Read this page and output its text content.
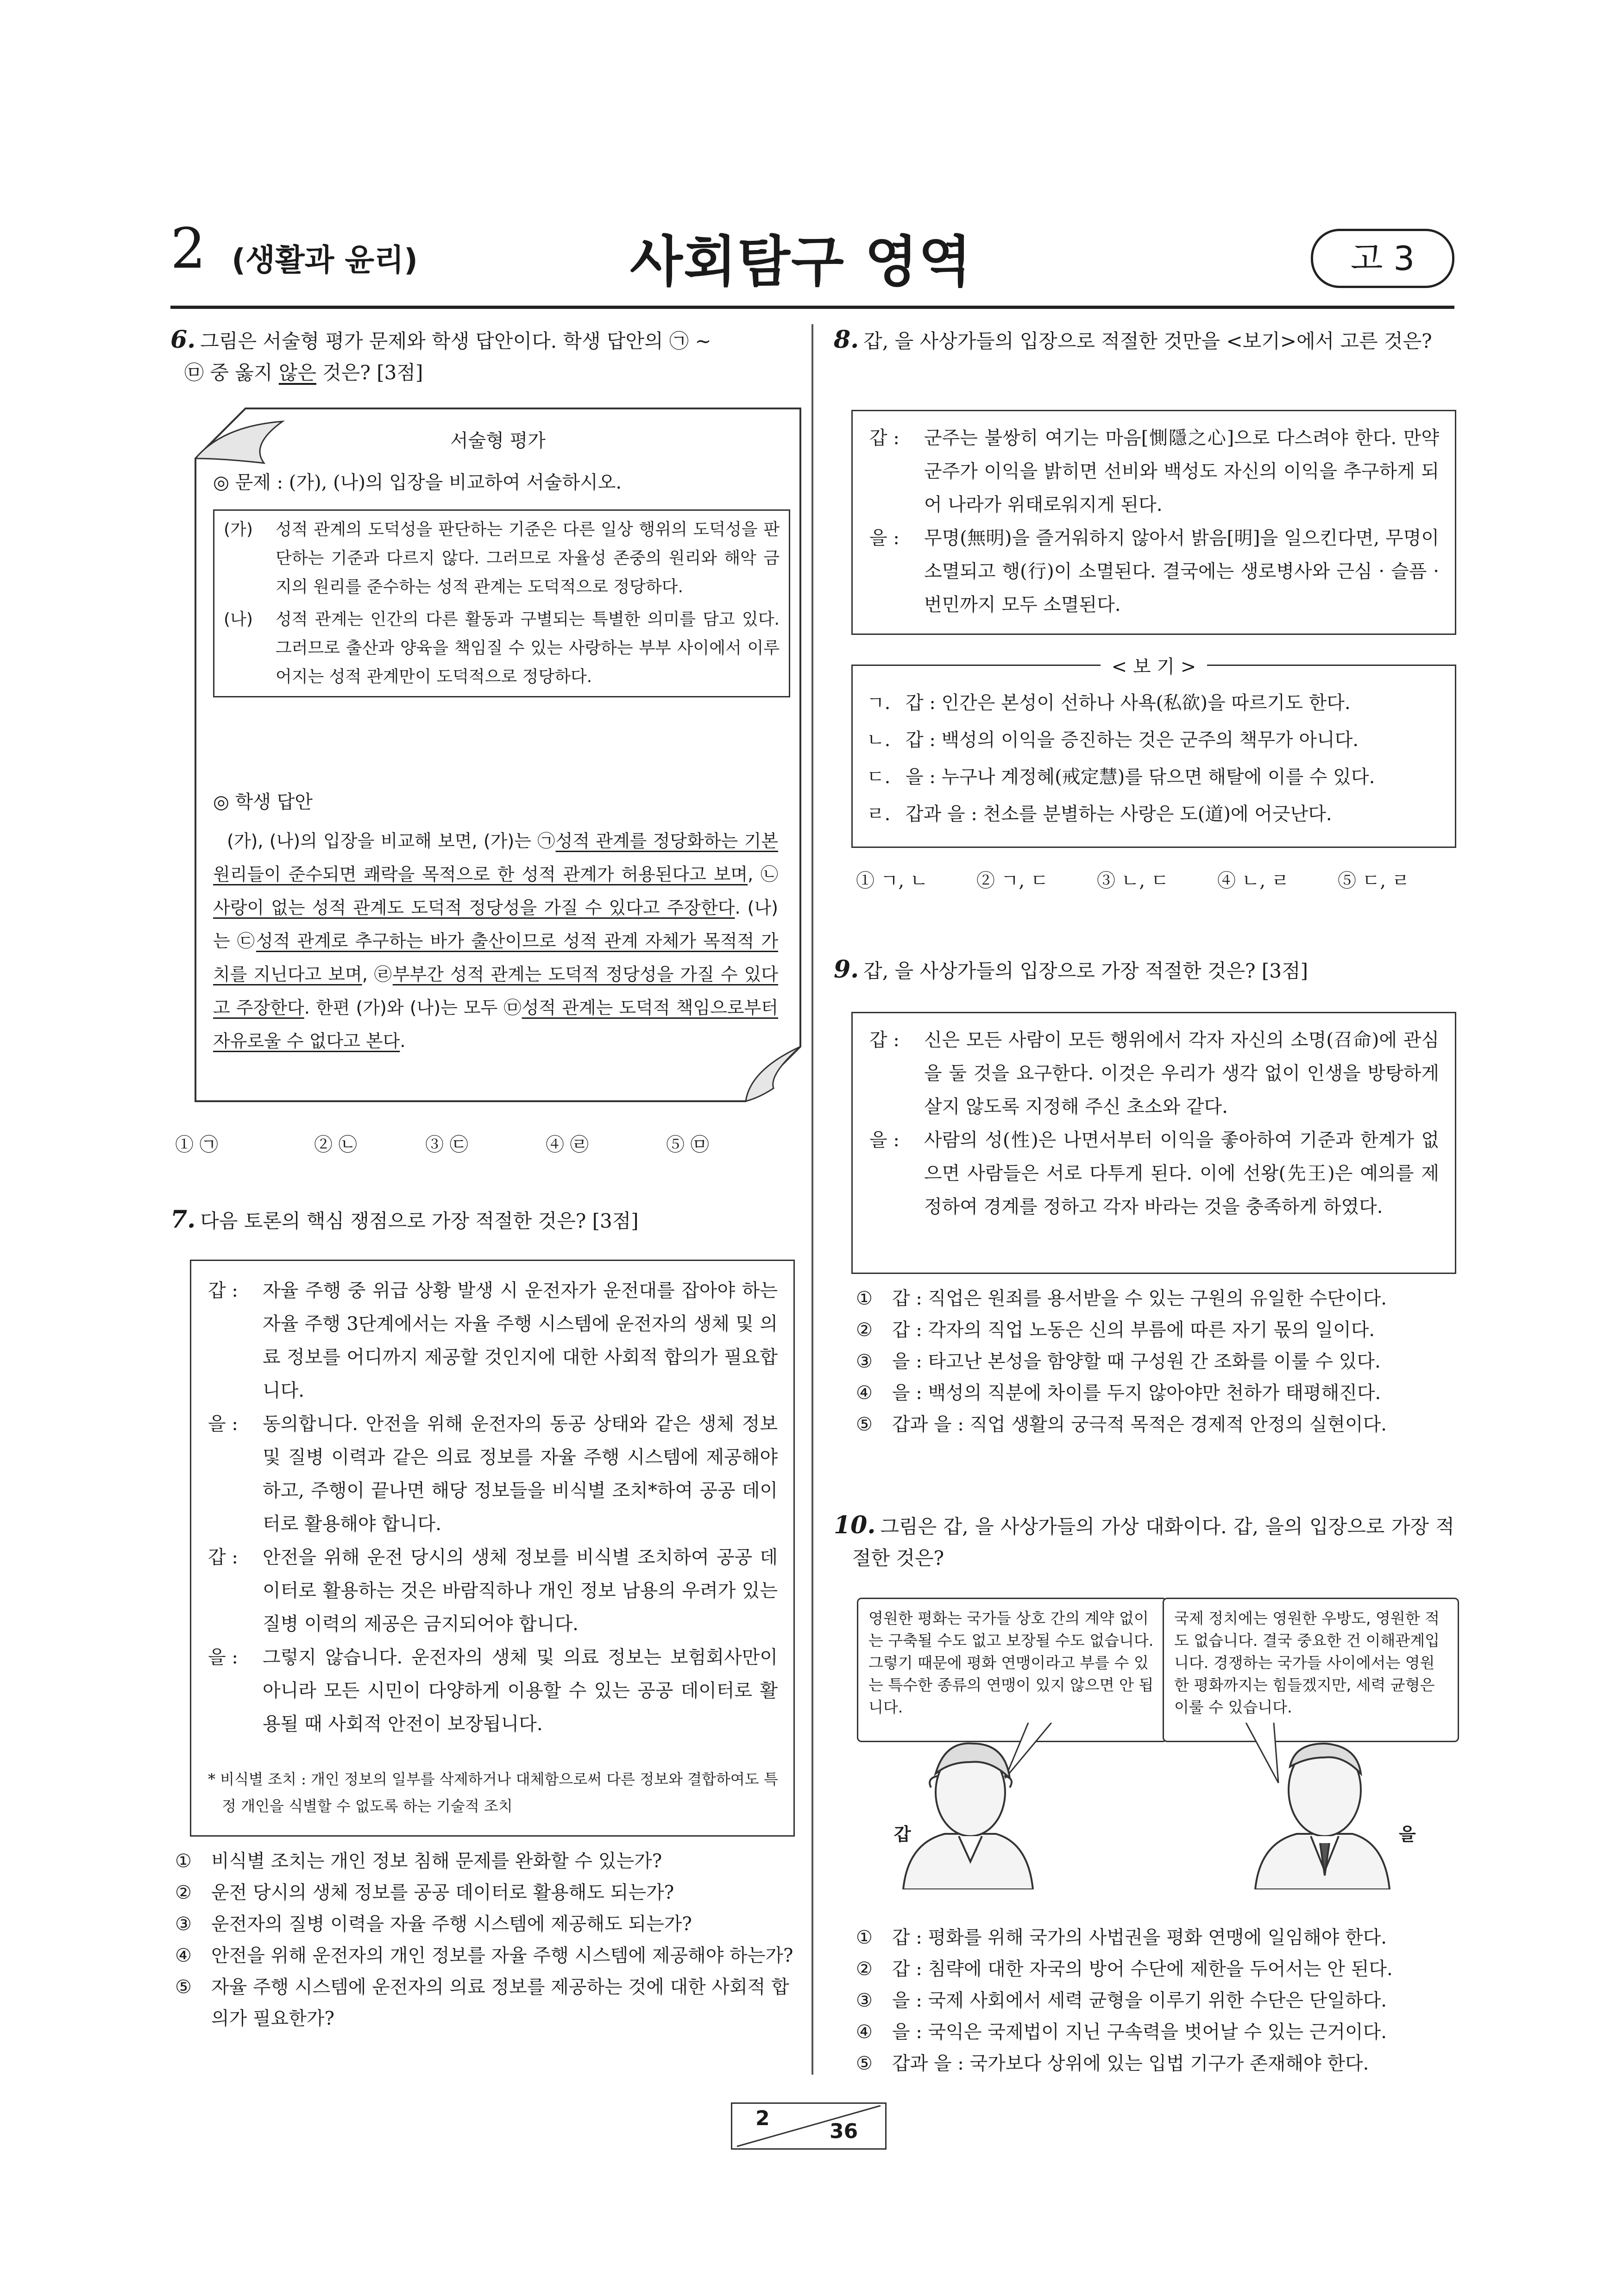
2 (생활과 윤리)	사회탐구 영역	고 3
6. 그림은 서술형 평가 문제와 학생 답안이다. 학생 답안의 ㉠ ~
㉤ 중 옳지 않은 것은? [3점]
서술형 평가
◎ 문제 : (가), (나)의 입장을 비교하여 서술하시오.
(가) 성적 관계의 도덕성을 판단하는 기준은 다른 일상 행위의 도덕성을 판단하는 기준과 다르지 않다. 그러므로 자율성 존중의 원리와 해악 금지의 원리를 준수하는 성적 관계는 도덕적으로 정당하다.
(나) 성적 관계는 인간의 다른 활동과 구별되는 특별한 의미를 담고 있다. 그러므로 출산과 양육을 책임질 수 있는 사랑하는 부부 사이에서 이루어지는 성적 관계만이 도덕적으로 정당하다.
◎ 학생 답안
(가), (나)의 입장을 비교해 보면, (가)는 ㉠성적 관계를 정당화하는 기본 원리들이 준수되면 쾌락을 목적으로 한 성적 관계가 허용된다고 보며, ㉡사랑이 없는 성적 관계도 도덕적 정당성을 가질 수 있다고 주장한다. (나)는 ㉢성적 관계로 추구하는 바가 출산이므로 성적 관계 자체가 목적적 가치를 지닌다고 보며, ㉣부부간 성적 관계는 도덕적 정당성을 가질 수 있다고 주장한다. 한편 (가)와 (나)는 모두 ㉤성적 관계는 도덕적 책임으로부터 자유로울 수 없다고 본다.
① ㉠	② ㉡	③ ㉢	④ ㉣	⑤ ㉤
7. 다음 토론의 핵심 쟁점으로 가장 적절한 것은? [3점]
갑 : 자율 주행 중 위급 상황 발생 시 운전자가 운전대를 잡아야 하는 자율 주행 3단계에서는 자율 주행 시스템에 운전자의 생체 및 의료 정보를 어디까지 제공할 것인지에 대한 사회적 합의가 필요합니다.
을 : 동의합니다. 안전을 위해 운전자의 동공 상태와 같은 생체 정보 및 질병 이력과 같은 의료 정보를 자율 주행 시스템에 제공해야 하고, 주행이 끝나면 해당 정보들을 비식별 조치*하여 공공 데이터로 활용해야 합니다.
갑 : 안전을 위해 운전 당시의 생체 정보를 비식별 조치하여 공공 데이터로 활용하는 것은 바람직하나 개인 정보 남용의 우려가 있는 질병 이력의 제공은 금지되어야 합니다.
을 : 그렇지 않습니다. 운전자의 생체 및 의료 정보는 보험회사만이 아니라 모든 시민이 다양하게 이용할 수 있는 공공 데이터로 활용될 때 사회적 안전이 보장됩니다.
* 비식별 조치 : 개인 정보의 일부를 삭제하거나 대체함으로써 다른 정보와 결합하여도 특정 개인을 식별할 수 없도록 하는 기술적 조치
① 비식별 조치는 개인 정보 침해 문제를 완화할 수 있는가?
② 운전 당시의 생체 정보를 공공 데이터로 활용해도 되는가?
③ 운전자의 질병 이력을 자율 주행 시스템에 제공해도 되는가?
④ 안전을 위해 운전자의 개인 정보를 자율 주행 시스템에 제공해야 하는가?
⑤ 자율 주행 시스템에 운전자의 의료 정보를 제공하는 것에 대한 사회적 합의가 필요한가?
8. 갑, 을 사상가들의 입장으로 적절한 것만을 <보기>에서 고른 것은?
갑 : 군주는 불쌍히 여기는 마음[惻隱之心]으로 다스려야 한다. 만약 군주가 이익을 밝히면 선비와 백성도 자신의 이익을 추구하게 되어 나라가 위태로워지게 된다.
을 : 무명(無明)을 즐거워하지 않아서 밝음[明]을 일으킨다면, 무명이 소멸되고 행(行)이 소멸된다. 결국에는 생로병사와 근심 · 슬픔 · 번민까지 모두 소멸된다.
< 보 기 >
ㄱ. 갑 : 인간은 본성이 선하나 사욕(私欲)을 따르기도 한다.
ㄴ. 갑 : 백성의 이익을 증진하는 것은 군주의 책무가 아니다.
ㄷ. 을 : 누구나 계정혜(戒定慧)를 닦으면 해탈에 이를 수 있다.
ㄹ. 갑과 을 : 천소를 분별하는 사랑은 도(道)에 어긋난다.
① ㄱ, ㄴ	② ㄱ, ㄷ	③ ㄴ, ㄷ	④ ㄴ, ㄹ	⑤ ㄷ, ㄹ
9. 갑, 을 사상가들의 입장으로 가장 적절한 것은? [3점]
갑 : 신은 모든 사람이 모든 행위에서 각자 자신의 소명(召命)에 관심을 둘 것을 요구한다. 이것은 우리가 생각 없이 인생을 방탕하게 살지 않도록 지정해 주신 초소와 같다.
을 : 사람의 성(性)은 나면서부터 이익을 좋아하여 기준과 한계가 없으면 사람들은 서로 다투게 된다. 이에 선왕(先王)은 예의를 제정하여 경계를 정하고 각자 바라는 것을 충족하게 하였다.
① 갑 : 직업은 원죄를 용서받을 수 있는 구원의 유일한 수단이다.
② 갑 : 각자의 직업 노동은 신의 부름에 따른 자기 몫의 일이다.
③ 을 : 타고난 본성을 함양할 때 구성원 간 조화를 이룰 수 있다.
④ 을 : 백성의 직분에 차이를 두지 않아야만 천하가 태평해진다.
⑤ 갑과 을 : 직업 생활의 궁극적 목적은 경제적 안정의 실현이다.
10. 그림은 갑, 을 사상가들의 가상 대화이다. 갑, 을의 입장으로 가장 적절한 것은?
영원한 평화는 국가들 상호 간의 계약 없이는 구축될 수도 없고 보장될 수도 없습니다. 그렇기 때문에 평화 연맹이라고 부를 수 있는 특수한 종류의 연맹이 있지 않으면 안 됩니다.
국제 정치에는 영원한 우방도, 영원한 적도 없습니다. 결국 중요한 건 이해관계입니다. 경쟁하는 국가들 사이에서는 영원한 평화까지는 힘들겠지만, 세력 균형은 이룰 수 있습니다.
갑	을
① 갑 : 평화를 위해 국가의 사법권을 평화 연맹에 일임해야 한다.
② 갑 : 침략에 대한 자국의 방어 수단에 제한을 두어서는 안 된다.
③ 을 : 국제 사회에서 세력 균형을 이루기 위한 수단은 단일하다.
④ 을 : 국익은 국제법이 지닌 구속력을 벗어날 수 있는 근거이다.
⑤ 갑과 을 : 국가보다 상위에 있는 입법 기구가 존재해야 한다.
2
36
